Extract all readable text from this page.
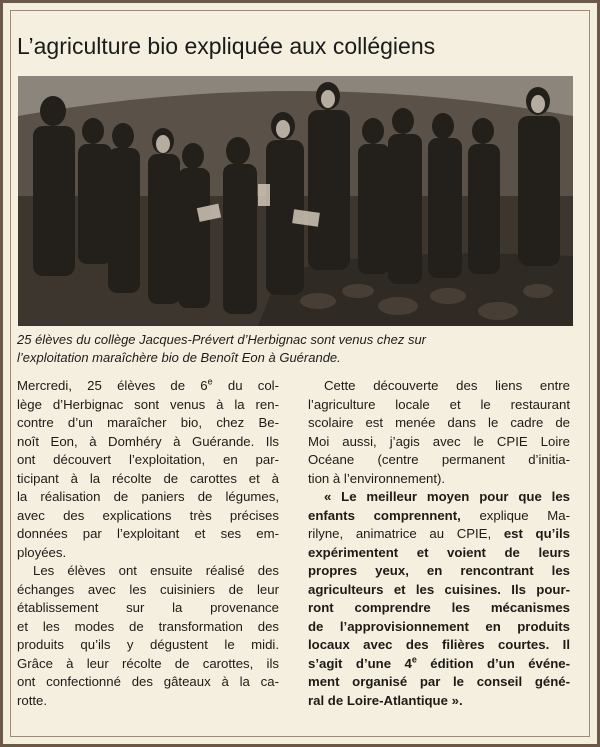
L’agriculture bio expliquée aux collégiens

25 élèves du collège Jacques-Prévert d’Herbignac sont venus chez sur

l’exploitation maraîchère bio de Benoît Eon à Guérande.

Mercredi, 25 élèves de 6e du col-
lège d’Herbignac sont venus à la ren-
contre d’un maraîcher bio, chez Be-
noît Eon, à Domhéry à Guérande. Ils
ont découvert l’exploitation, en par-
ticipant à la récolte de carottes et à
la réalisation de paniers de légumes,
avec des explications très précises
données par l’exploitant et ses em-
ployées.
Les élèves ont ensuite réalisé des
échanges avec les cuisiniers de leur
établissement sur la provenance
et les modes de transformation des
produits qu’ils y dégustent le midi.
Grâce à leur récolte de carottes, ils
ont confectionné des gâteaux à la ca-
rotte.
Cette découverte des liens entre
l’agriculture locale et le restaurant
scolaire est menée dans le cadre de
Moi aussi, j’agis avec le CPIE Loire
Océane (centre permanent d’initia-
tion à l’environnement).
« Le meilleur moyen pour que les
enfants comprennent, explique Ma-
rilyne, animatrice au CPIE, est qu’ils
expérimentent et voient de leurs
propres yeux, en rencontrant les
agriculteurs et les cuisines. Ils pour-
ront comprendre les mécanismes
de l’approvisionnement en produits
locaux avec des filières courtes. Il
s’agit d’une 4e édition d’un événe-
ment organisé par le conseil géné-
ral de Loire-Atlantique ».
